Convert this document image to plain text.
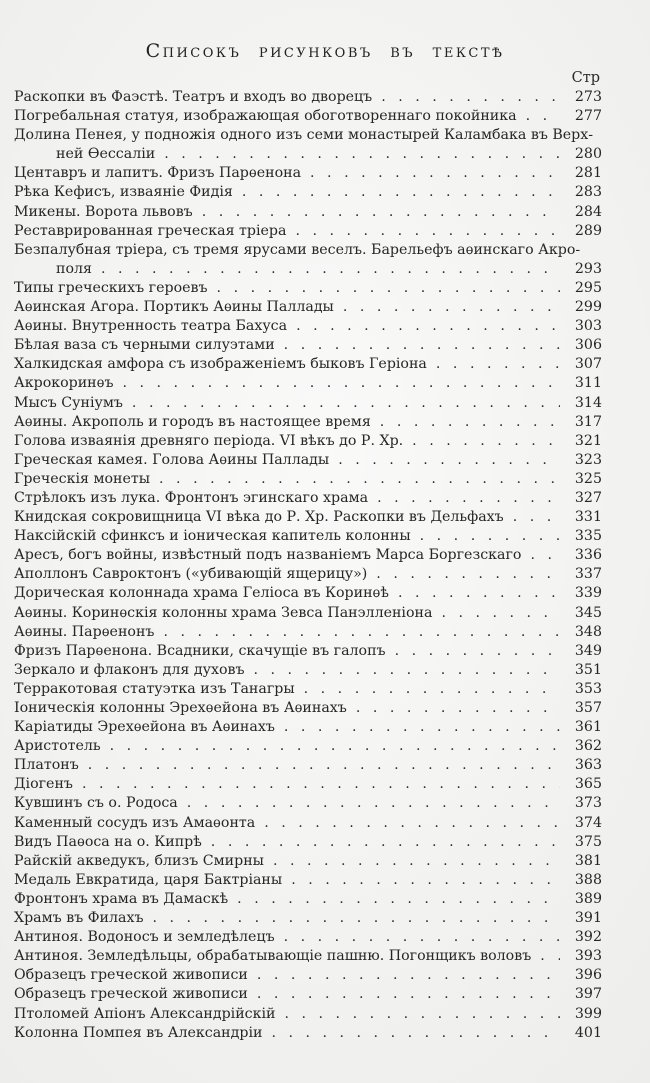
Списокъ рисунковъ въ текстѣ
Стр
Раскопки въ Фаэстѣ. Театръ и входъ во дворецъ . . .	273
Погребальная статуя, изображающая обоготвореннаго покойника . . .	277
Долина Пенея, у подножія одного изъ семи монастырей Каламбака въ Верх-
ней Ѳессаліи . . .	280
Центавръ и лапитъ. Фризъ Парѳенона . . .	281
Рѣка Кефисъ, изваяніе Фидія . . .	283
Микены. Ворота львовъ . . .	284
Реставрированная греческая тріера . . .	289
Безпалубная тріера, съ тремя ярусами веселъ. Барельефъ аѳинскаго Акро-
поля . . .	293
Типы греческихъ героевъ . . .	295
Аѳинская Агора. Портикъ Аѳины Паллады . . .	299
Аѳины. Внутренность театра Бахуса . . .	303
Бѣлая ваза съ черными силуэтами . . .	306
Халкидская амфора съ изображеніемъ быковъ Геріона . . .	307
Акрокоринѳъ . . .	311
Мысъ Суніумъ . . .	314
Аѳины. Акрополь и городъ въ настоящее время . . .	317
Голова изваянія древняго періода. VI вѣкъ до Р. Хр. . . .	321
Греческая камея. Голова Аѳины Паллады . . .	323
Греческія монеты . . .	325
Стрѣлокъ изъ лука. Фронтонъ эгинскаго храма . . .	327
Книдская сокровищница VI вѣка до Р. Хр. Раскопки въ Дельфахъ . . .	331
Наксійскій сфинксъ и іоническая капитель колонны . . .	335
Аресъ, богъ войны, извѣстный подъ названіемъ Марса Боргезскаго . . .	336
Аполлонъ Савроктонъ («убивающій ящерицу») . . .	337
Дорическая колоннада храма Геліоса въ Коринѳѣ . . .	339
Аѳины. Коринѳскія колонны храма Зевса Панэлленіона . . .	345
Аѳины. Парѳенонъ . . .	348
Фризъ Парѳенона. Всадники, скачущіе въ галопъ . . .	349
Зеркало и флаконъ для духовъ . . .	351
Терракотовая статуэтка изъ Танагры . . .	353
Іоническія колонны Эрехѳейона въ Аѳинахъ . . .	357
Каріатиды Эрехѳейона въ Аѳинахъ . . .	361
Аристотель . . .	362
Платонъ . . .	363
Діогенъ . . .	365
Кувшинъ съ о. Родоса . . .	373
Каменный сосудъ изъ Амаѳонта . . .	374
Видъ Паѳоса на о. Кипрѣ . . .	375
Райскій акведукъ, близъ Смирны . . .	381
Медаль Евкратида, царя Бактріаны . . .	388
Фронтонъ храма въ Дамаскѣ . . .	389
Храмъ въ Филахъ . . .	391
Антиноя. Водоносъ и земледѣлецъ . . .	392
Антиноя. Земледѣльцы, обрабатывающіе пашню. Погонщикъ воловъ . . .	393
Образецъ греческой живописи . . .	396
Образецъ греческой живописи . . .	397
Птоломей Апіонъ Александрійскій . . .	399
Колонна Помпея въ Александріи . . .	401
